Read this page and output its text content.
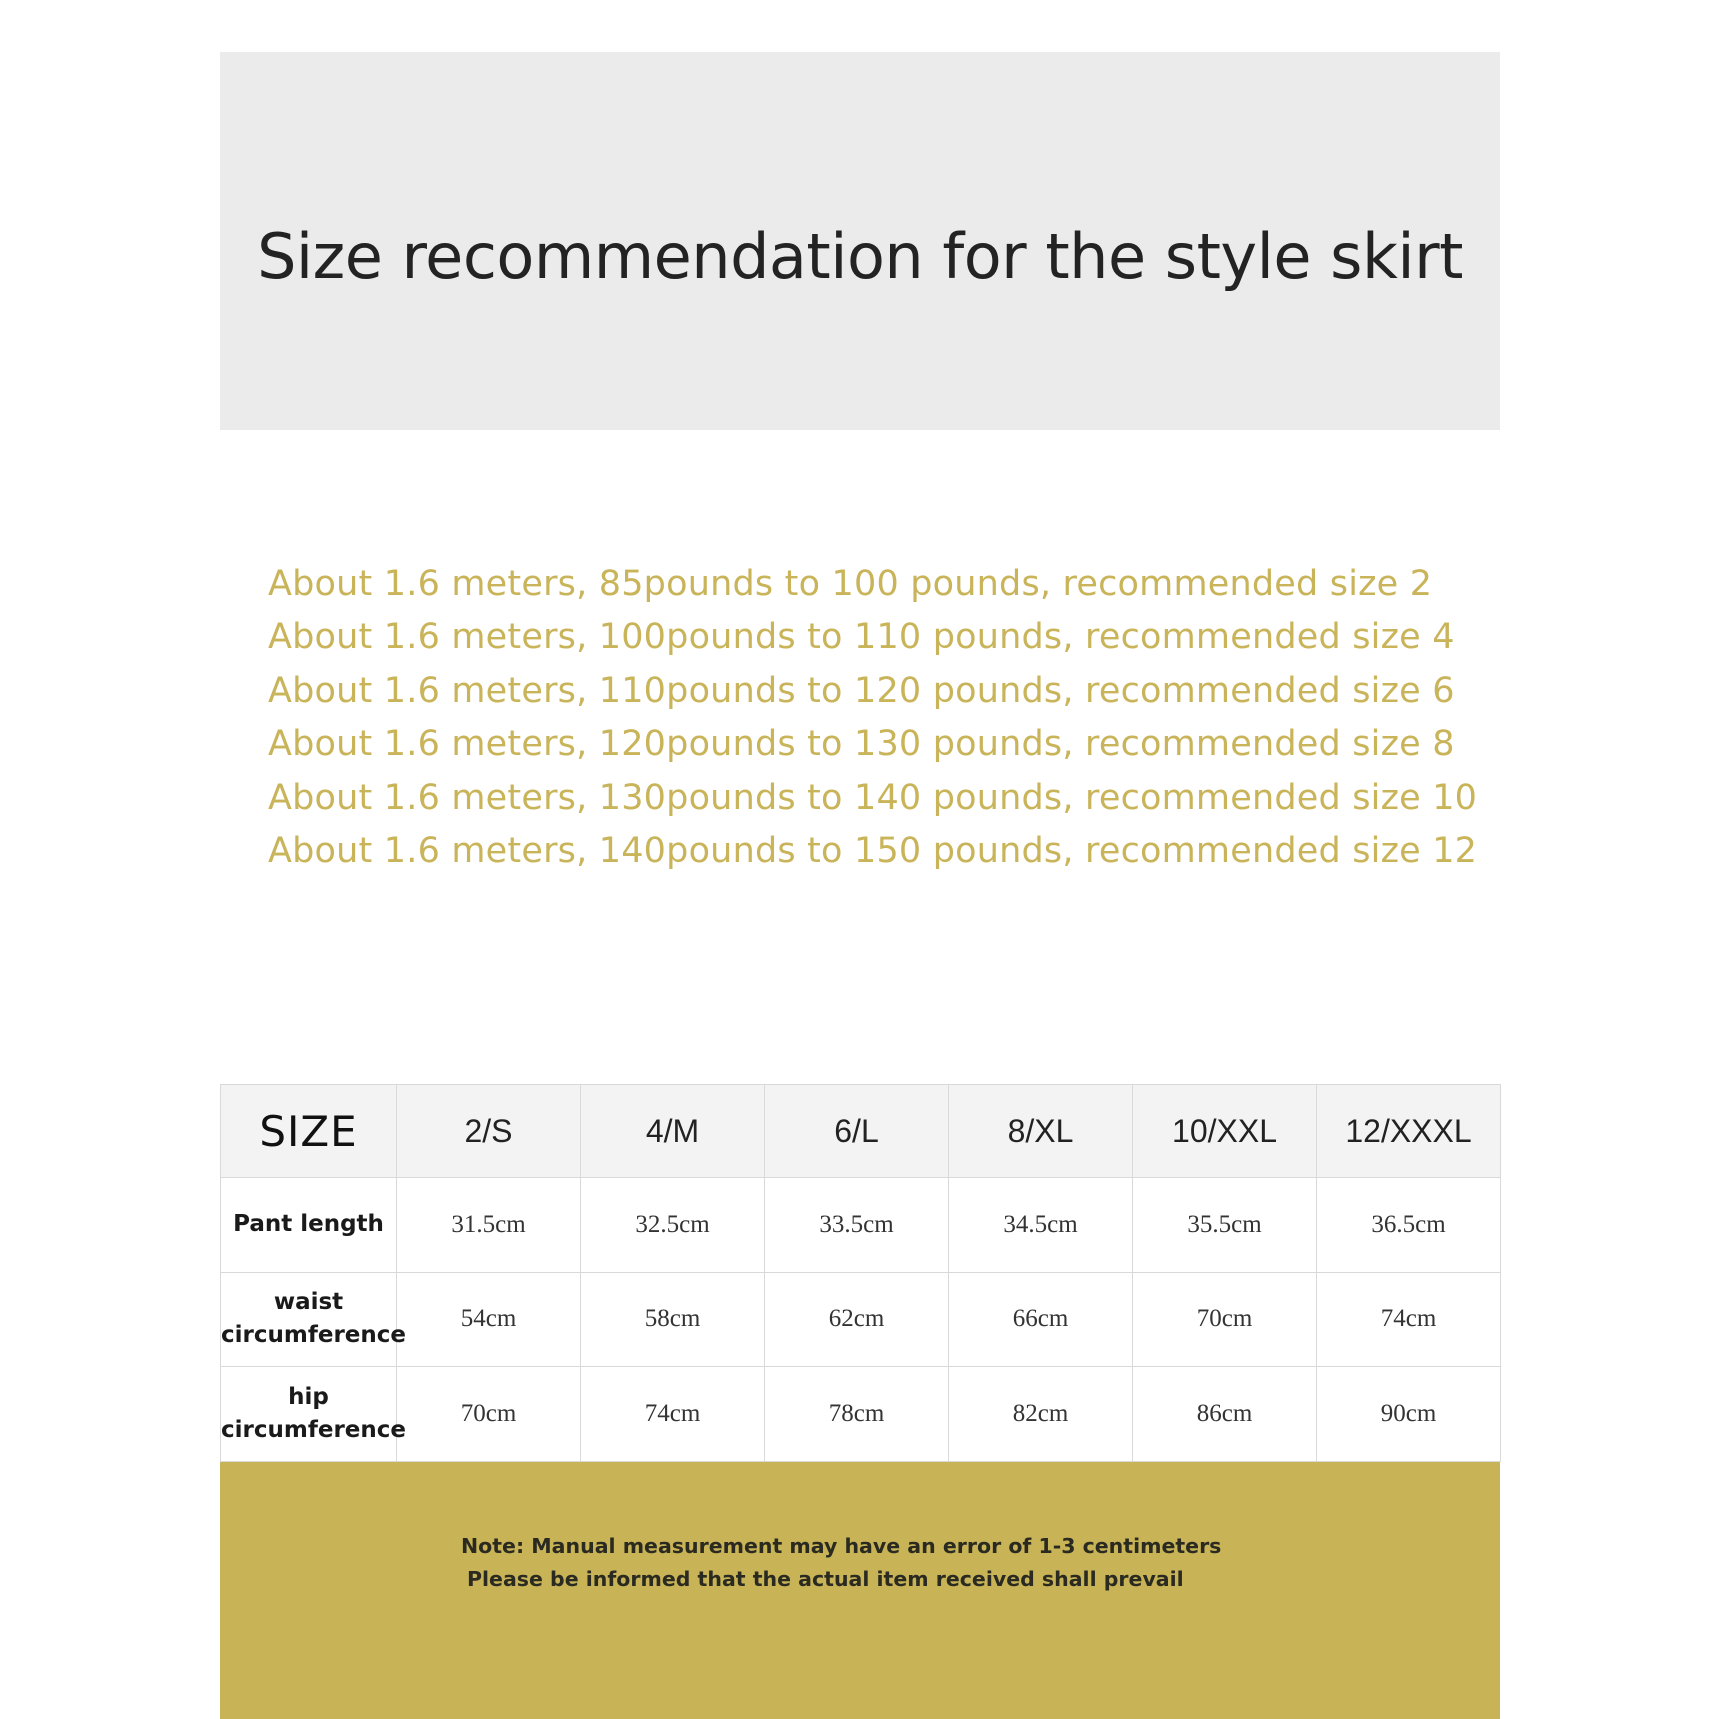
Size recommendation for the style skirt
About 1.6 meters, 85pounds to 100 pounds, recommended size 2
About 1.6 meters, 100pounds to 110 pounds, recommended size 4
About 1.6 meters, 110pounds to 120 pounds, recommended size 6
About 1.6 meters, 120pounds to 130 pounds, recommended size 8
About 1.6 meters, 130pounds to 140 pounds, recommended size 10
About 1.6 meters, 140pounds to 150 pounds, recommended size 12
SIZE	2/S	4/M	6/L	8/XL	10/XXL	12/XXXL
Pant length	31.5cm	32.5cm	33.5cm	34.5cm	35.5cm	36.5cm
waist
circumference	54cm	58cm	62cm	66cm	70cm	74cm
hip
circumference	70cm	74cm	78cm	82cm	86cm	90cm

Note: Manual measurement may have an error of 1-3 centimeters
Please be informed that the actual item received shall prevail
